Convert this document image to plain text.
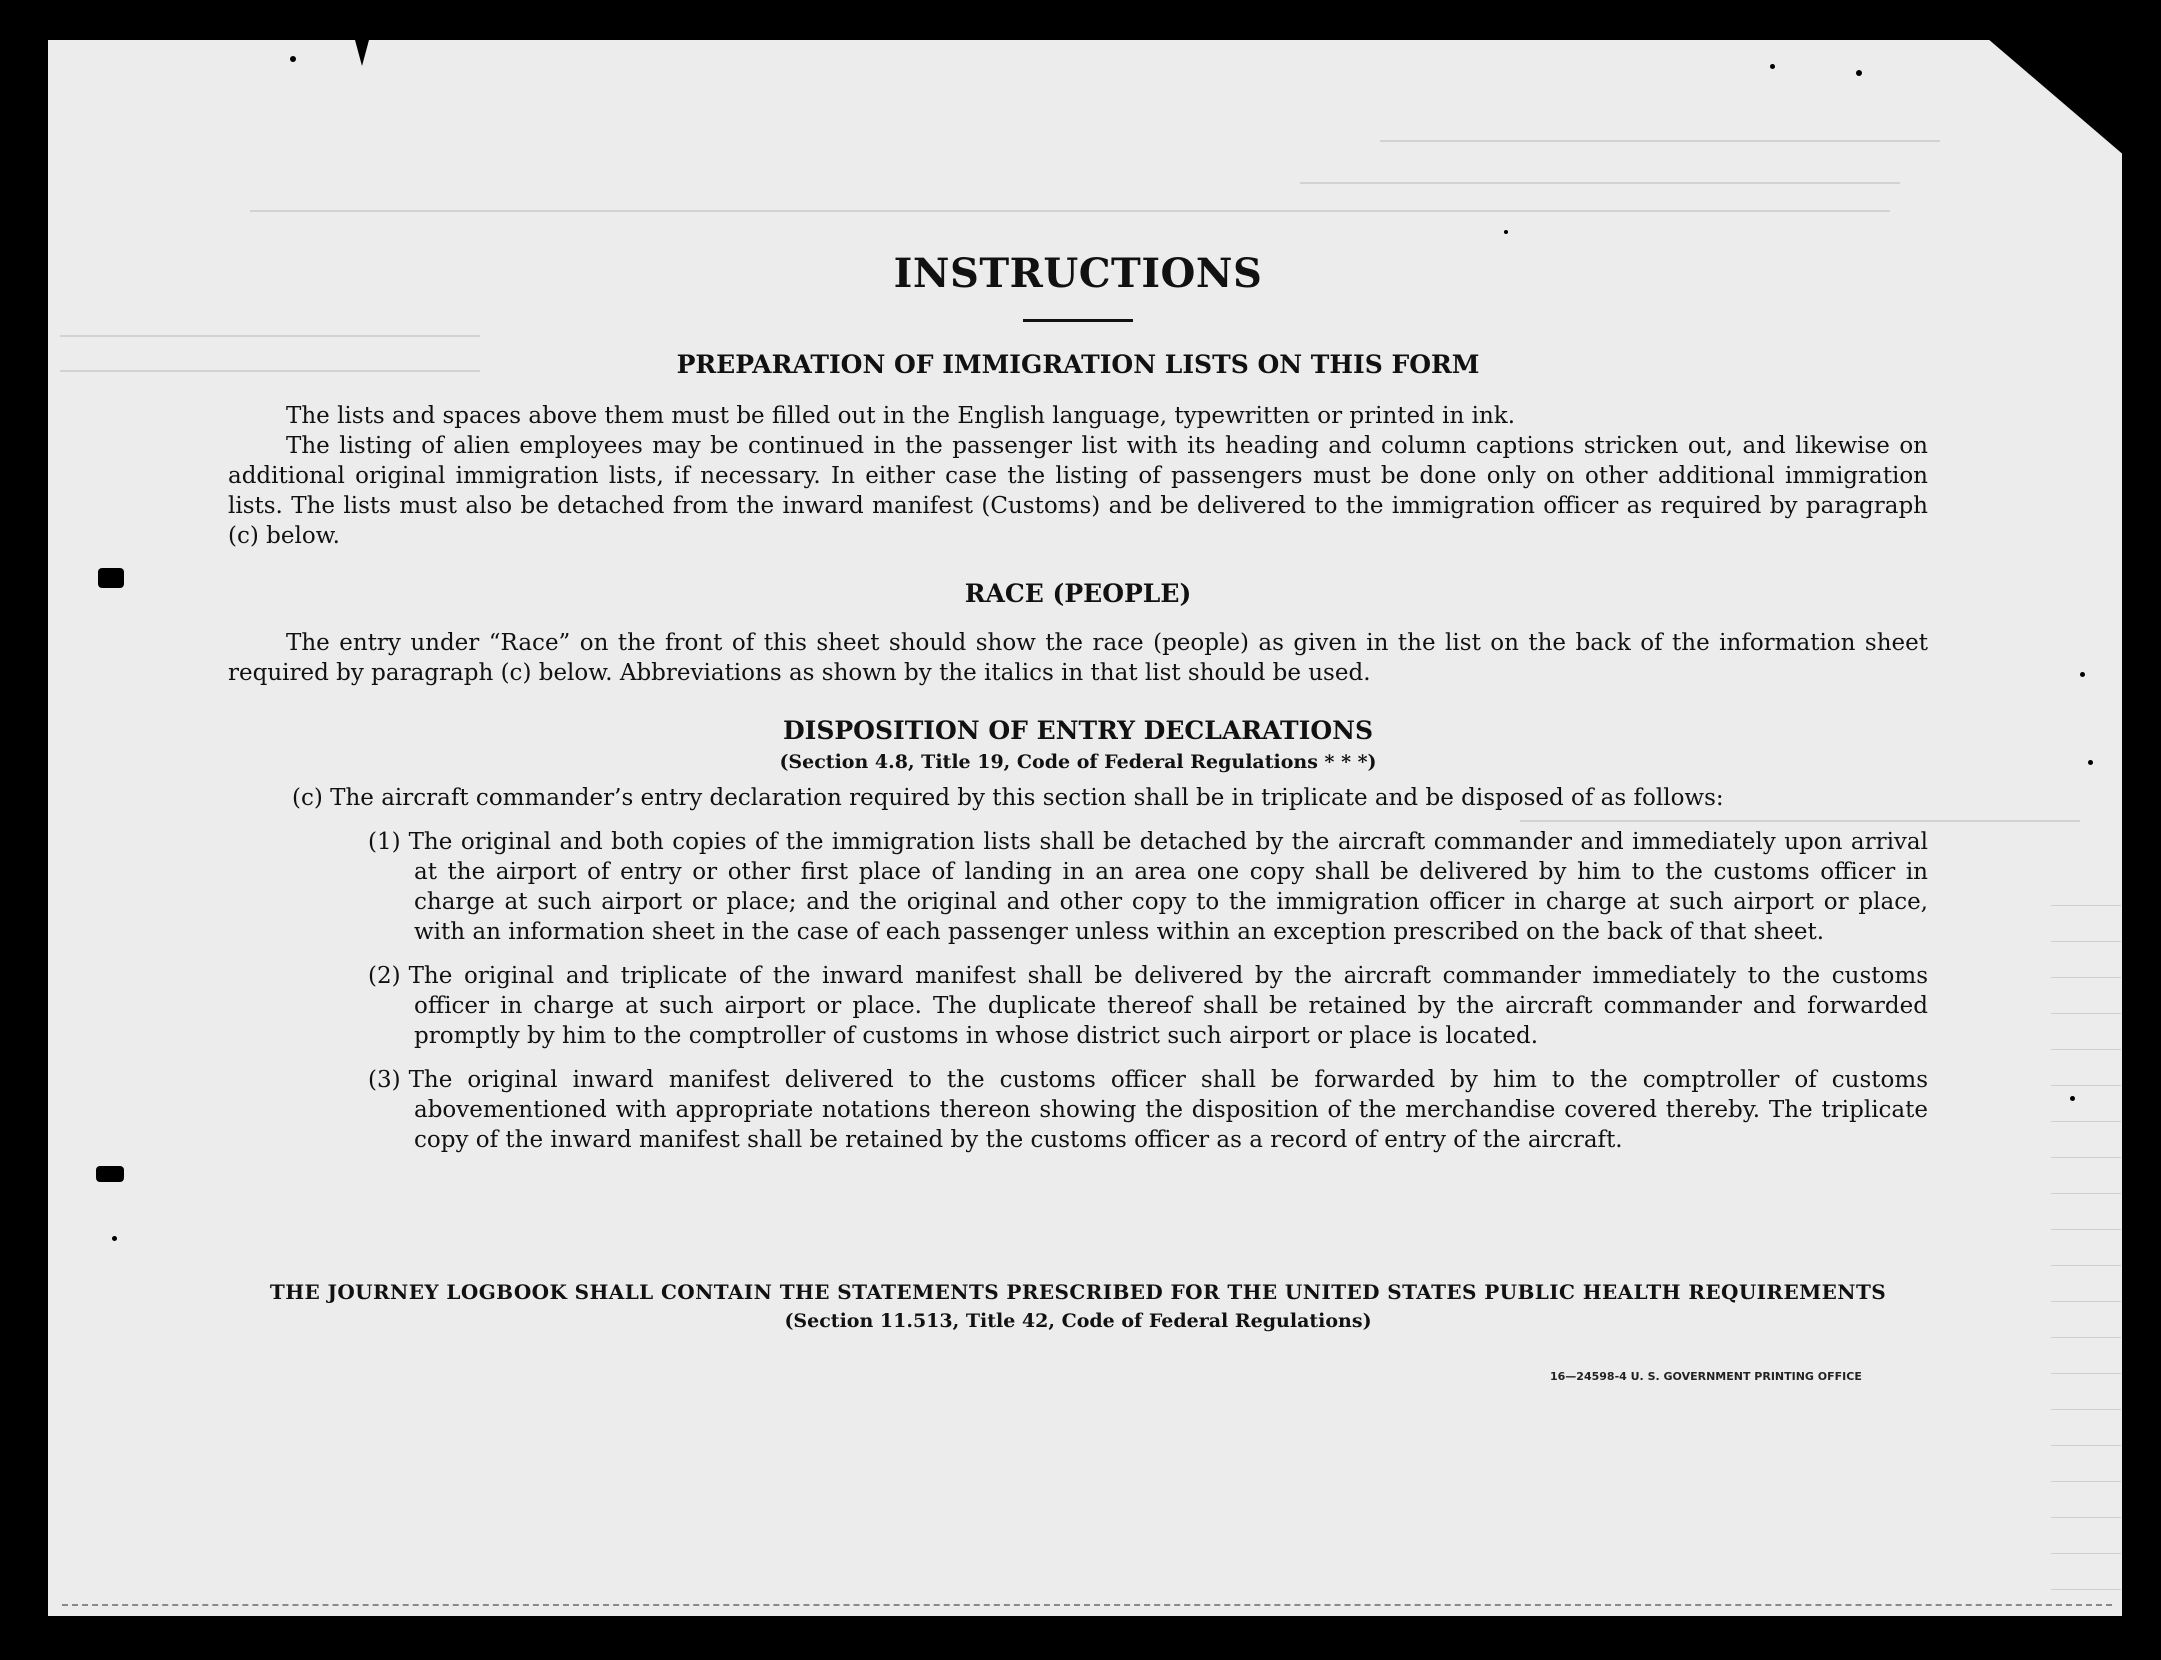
INSTRUCTIONS
PREPARATION OF IMMIGRATION LISTS ON THIS FORM

The lists and spaces above them must be filled out in the English language, typewritten or printed in ink.

The listing of alien employees may be continued in the passenger list with its heading and column captions stricken out, and likewise on additional original immigration lists, if necessary. In either case the listing of passengers must be done only on other additional immigration lists. The lists must also be detached from the inward manifest (Customs) and be delivered to the immigration officer as required by paragraph (c) below.

RACE (PEOPLE)

The entry under “Race” on the front of this sheet should show the race (people) as given in the list on the back of the information sheet required by paragraph (c) below. Abbreviations as shown by the italics in that list should be used.

DISPOSITION OF ENTRY DECLARATIONS
(Section 4.8, Title 19, Code of Federal Regulations * * *)

(c) The aircraft commander’s entry declaration required by this section shall be in triplicate and be disposed of as follows:

(1) The original and both copies of the immigration lists shall be detached by the aircraft commander and immediately upon arrival at the airport of entry or other first place of landing in an area one copy shall be delivered by him to the customs officer in charge at such airport or place; and the original and other copy to the immigration officer in charge at such airport or place, with an information sheet in the case of each passenger unless within an exception prescribed on the back of that sheet.
(2) The original and triplicate of the inward manifest shall be delivered by the aircraft commander immediately to the customs officer in charge at such airport or place. The duplicate thereof shall be retained by the aircraft commander and forwarded promptly by him to the comptroller of customs in whose district such airport or place is located.
(3) The original inward manifest delivered to the customs officer shall be forwarded by him to the comptroller of customs abovementioned with appropriate notations thereon showing the disposition of the merchandise covered thereby. The triplicate copy of the inward manifest shall be retained by the customs officer as a record of entry of the aircraft.
THE JOURNEY LOGBOOK SHALL CONTAIN THE STATEMENTS PRESCRIBED FOR THE UNITED STATES PUBLIC HEALTH REQUIREMENTS
(Section 11.513, Title 42, Code of Federal Regulations)
16—24598-4 U. S. GOVERNMENT PRINTING OFFICE
